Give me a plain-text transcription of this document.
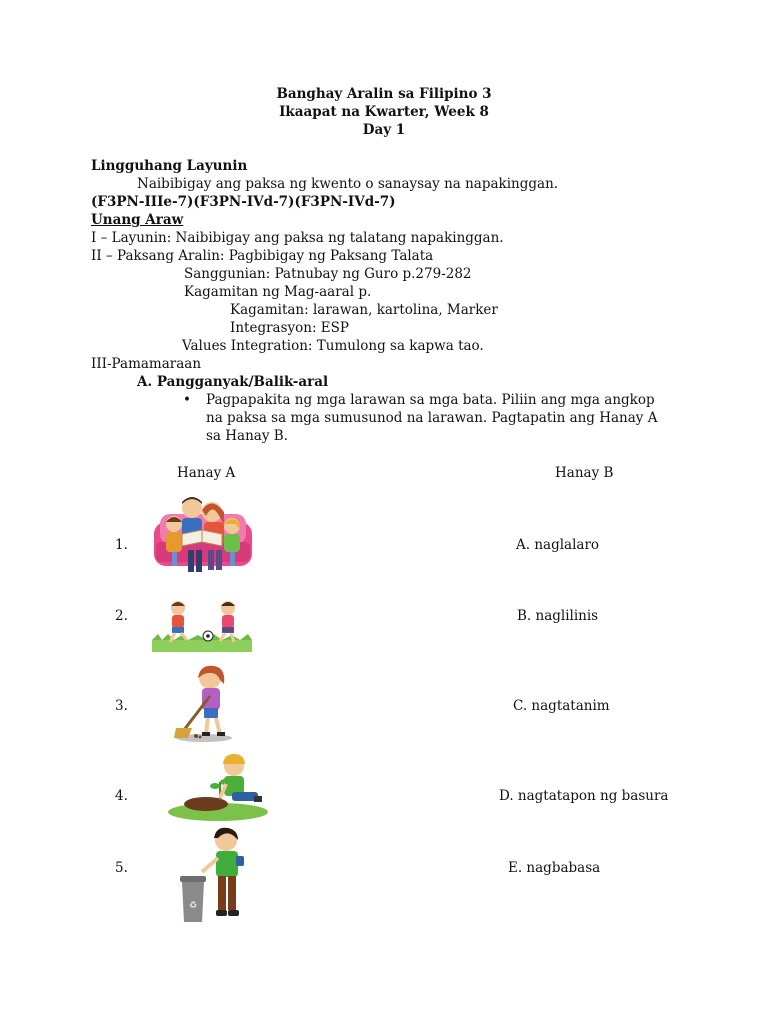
Banghay Aralin sa Filipino 3
Ikaapat na Kwarter, Week 8
Day 1
Lingguhang Layunin
Naibibigay ang paksa ng kwento o sanaysay na napakinggan.
(F3PN-IIIe-7)(F3PN-IVd-7)(F3PN-IVd-7)
Unang Araw
I – Layunin: Naibibigay ang paksa ng talatang napakinggan.
II – Paksang Aralin: Pagbibigay ng Paksang Talata
Sanggunian: Patnubay ng Guro p.279-282
Kagamitan ng Mag-aaral p.
Kagamitan: larawan, kartolina, Marker
Integrasyon: ESP
Values Integration: Tumulong sa kapwa tao.
III-Pamamaraan
A. Pangganyak/Balik-aral
• Pagpapakita ng mga larawan sa mga bata. Piliin ang mga angkop
na paksa sa mga sumusunod na larawan. Pagtapatin ang Hanay A
sa Hanay B.
Hanay A	Hanay B
1.
2.
3.
4.
5.
A. naglalaro
B. naglilinis
C. nagtatanim
D. nagtatapon ng basura
E. nagbabasa
♻
